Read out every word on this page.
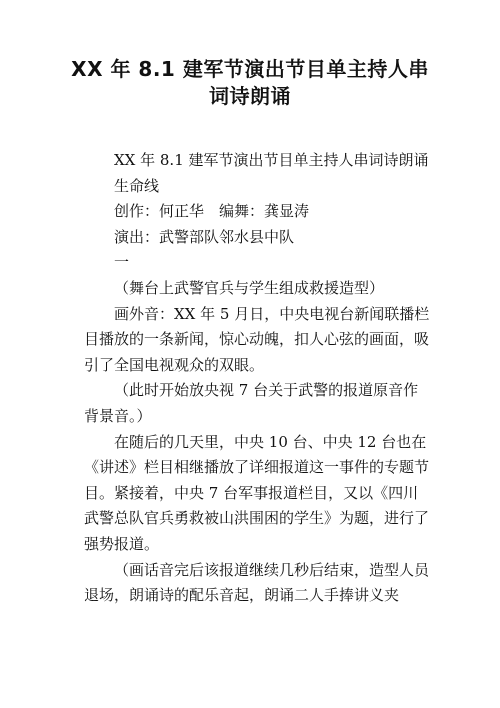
XX 年 8.1 建军节演出节目单主持人串
词诗朗诵

XX 年 8.1 建军节演出节目单主持人串词诗朗诵

生命线

创作：何正华　编舞：龚显涛

演出：武警部队邻水县中队

一

（舞台上武警官兵与学生组成救援造型）

画外音：XX 年 5 月日，中央电视台新闻联播栏目播放的一条新闻，惊心动魄，扣人心弦的画面，吸引了全国电视观众的双眼。

（此时开始放央视 7 台关于武警的报道原音作背景音。）

在随后的几天里，中央 10 台、中央 12 台也在《讲述》栏目相继播放了详细报道这一事件的专题节目。紧接着，中央 7 台军事报道栏目，又以《四川武警总队官兵勇救被山洪围困的学生》为题，进行了强势报道。

（画话音完后该报道继续几秒后结束，造型人员退场，朗诵诗的配乐音起，朗诵二人手捧讲义夹
